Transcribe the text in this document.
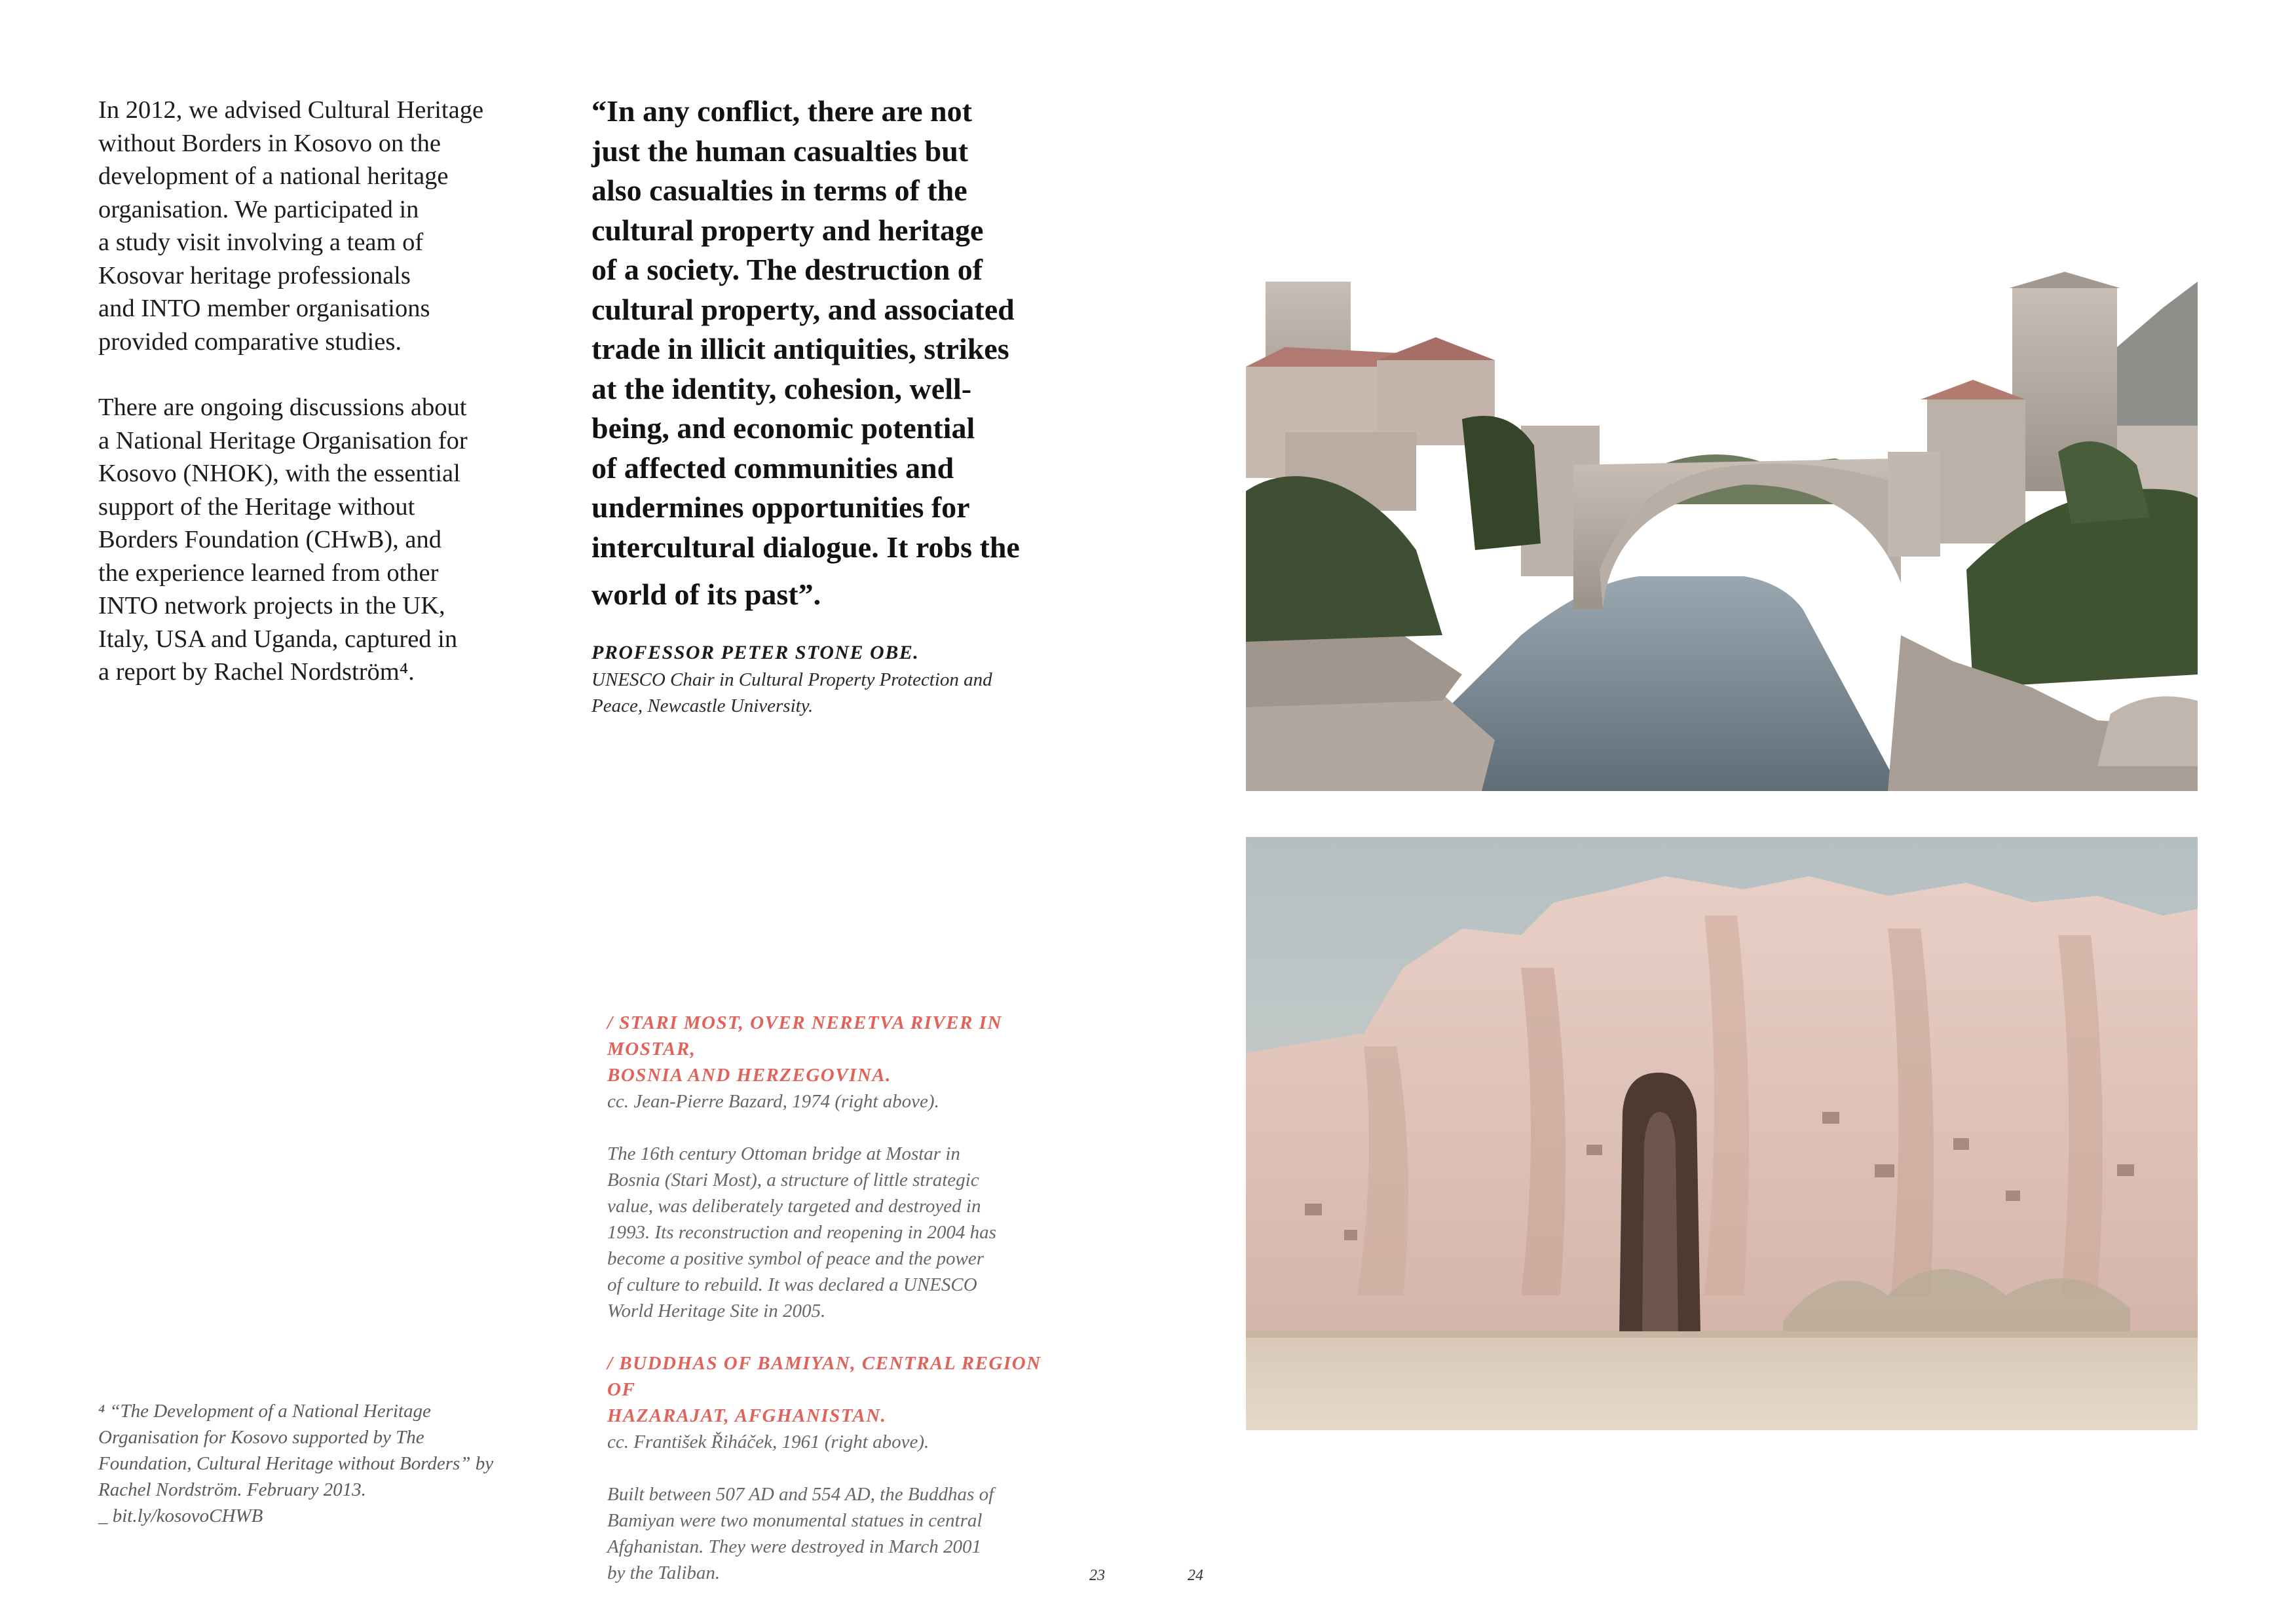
In 2012, we advised Cultural Heritage
without Borders in Kosovo on the
development of a national heritage
organisation. We participated in
a study visit involving a team of
Kosovar heritage professionals
and INTO member organisations
provided comparative studies.

There are ongoing discussions about
a National Heritage Organisation for
Kosovo (NHOK), with the essential
support of the Heritage without
Borders Foundation (CHwB), and
the experience learned from other
INTO network projects in the UK,
Italy, USA and Uganda, captured in
a report by Rachel Nordström⁴.

“In any conflict, there are not
just the human casualties but
also casualties in terms of the
cultural property and heritage
of a society. The destruction of
cultural property, and associated
trade in illicit antiquities, strikes
at the identity, cohesion, well-
being, and economic potential
of affected communities and
undermines opportunities for
intercultural dialogue. It robs the
world of its past”.

PROFESSOR PETER STONE OBE.
UNESCO Chair in Cultural Property Protection and
Peace, Newcastle University.

/ STARI MOST, OVER NERETVA RIVER IN MOSTAR,
BOSNIA AND HERZEGOVINA.

cc. Jean-Pierre Bazard, 1974 (right above).

The 16th century Ottoman bridge at Mostar in
Bosnia (Stari Most), a structure of little strategic
value, was deliberately targeted and destroyed in
1993. Its reconstruction and reopening in 2004 has
become a positive symbol of peace and the power
of culture to rebuild. It was declared a UNESCO
World Heritage Site in 2005.

/ BUDDHAS OF BAMIYAN, CENTRAL REGION OF
HAZARAJAT, AFGHANISTAN.

cc. František Řiháček, 1961 (right above).

Built between 507 AD and 554 AD, the Buddhas of
Bamiyan were two monumental statues in central
Afghanistan. They were destroyed in March 2001
by the Taliban.

⁴ “The Development of a National Heritage
Organisation for Kosovo supported by The
Foundation, Cultural Heritage without Borders” by
Rachel Nordström. February 2013.
_ bit.ly/kosovoCHWB

23	24
